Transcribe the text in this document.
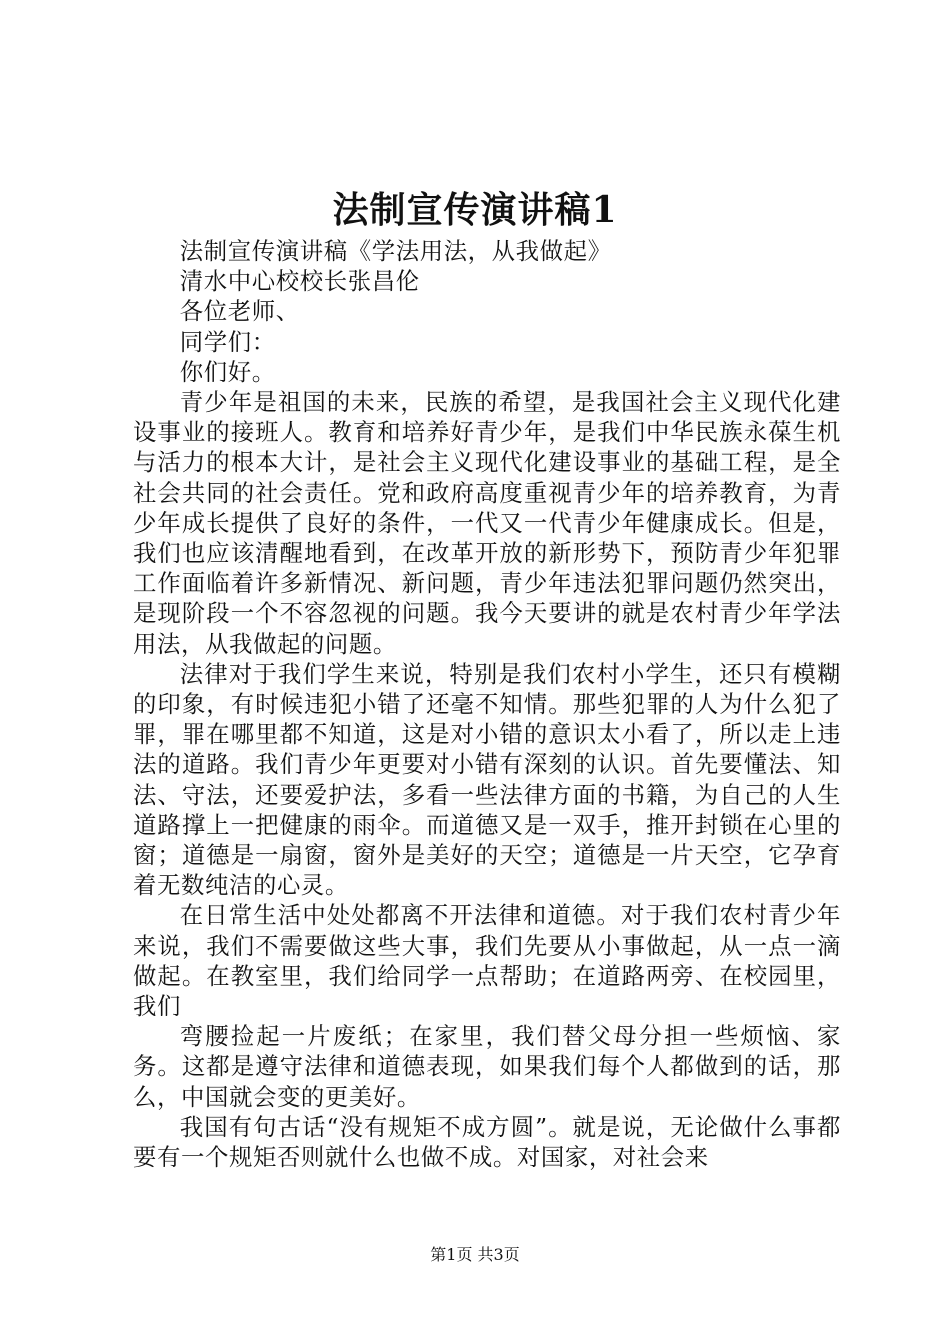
法制宣传演讲稿1

法制宣传演讲稿《学法用法，从我做起》

清水中心校校长张昌伦

各位老师、

同学们：

你们好。

青少年是祖国的未来，民族的希望，是我国社会主义现代化建设事业的接班人。教育和培养好青少年，是我们中华民族永葆生机与活力的根本大计，是社会主义现代化建设事业的基础工程，是全社会共同的社会责任。党和政府高度重视青少年的培养教育，为青少年成长提供了良好的条件，一代又一代青少年健康成长。但是，我们也应该清醒地看到，在改革开放的新形势下，预防青少年犯罪工作面临着许多新情况、新问题，青少年违法犯罪问题仍然突出，是现阶段一个不容忽视的问题。我今天要讲的就是农村青少年学法用法，从我做起的问题。

法律对于我们学生来说，特别是我们农村小学生，还只有模糊的印象，有时候违犯小错了还毫不知情。那些犯罪的人为什么犯了罪，罪在哪里都不知道，这是对小错的意识太小看了，所以走上违法的道路。我们青少年更要对小错有深刻的认识。首先要懂法、知法、守法，还要爱护法，多看一些法律方面的书籍，为自己的人生道路撑上一把健康的雨伞。而道德又是一双手，推开封锁在心里的窗；道德是一扇窗，窗外是美好的天空；道德是一片天空，它孕育着无数纯洁的心灵。

在日常生活中处处都离不开法律和道德。对于我们农村青少年来说，我们不需要做这些大事，我们先要从小事做起，从一点一滴做起。在教室里，我们给同学一点帮助；在道路两旁、在校园里，我们

弯腰捡起一片废纸；在家里，我们替父母分担一些烦恼、家务。这都是遵守法律和道德表现，如果我们每个人都做到的话，那么，中国就会变的更美好。

我国有句古话“没有规矩不成方圆”。就是说，无论做什么事都要有一个规矩否则就什么也做不成。对国家，对社会来

第1页 共3页
